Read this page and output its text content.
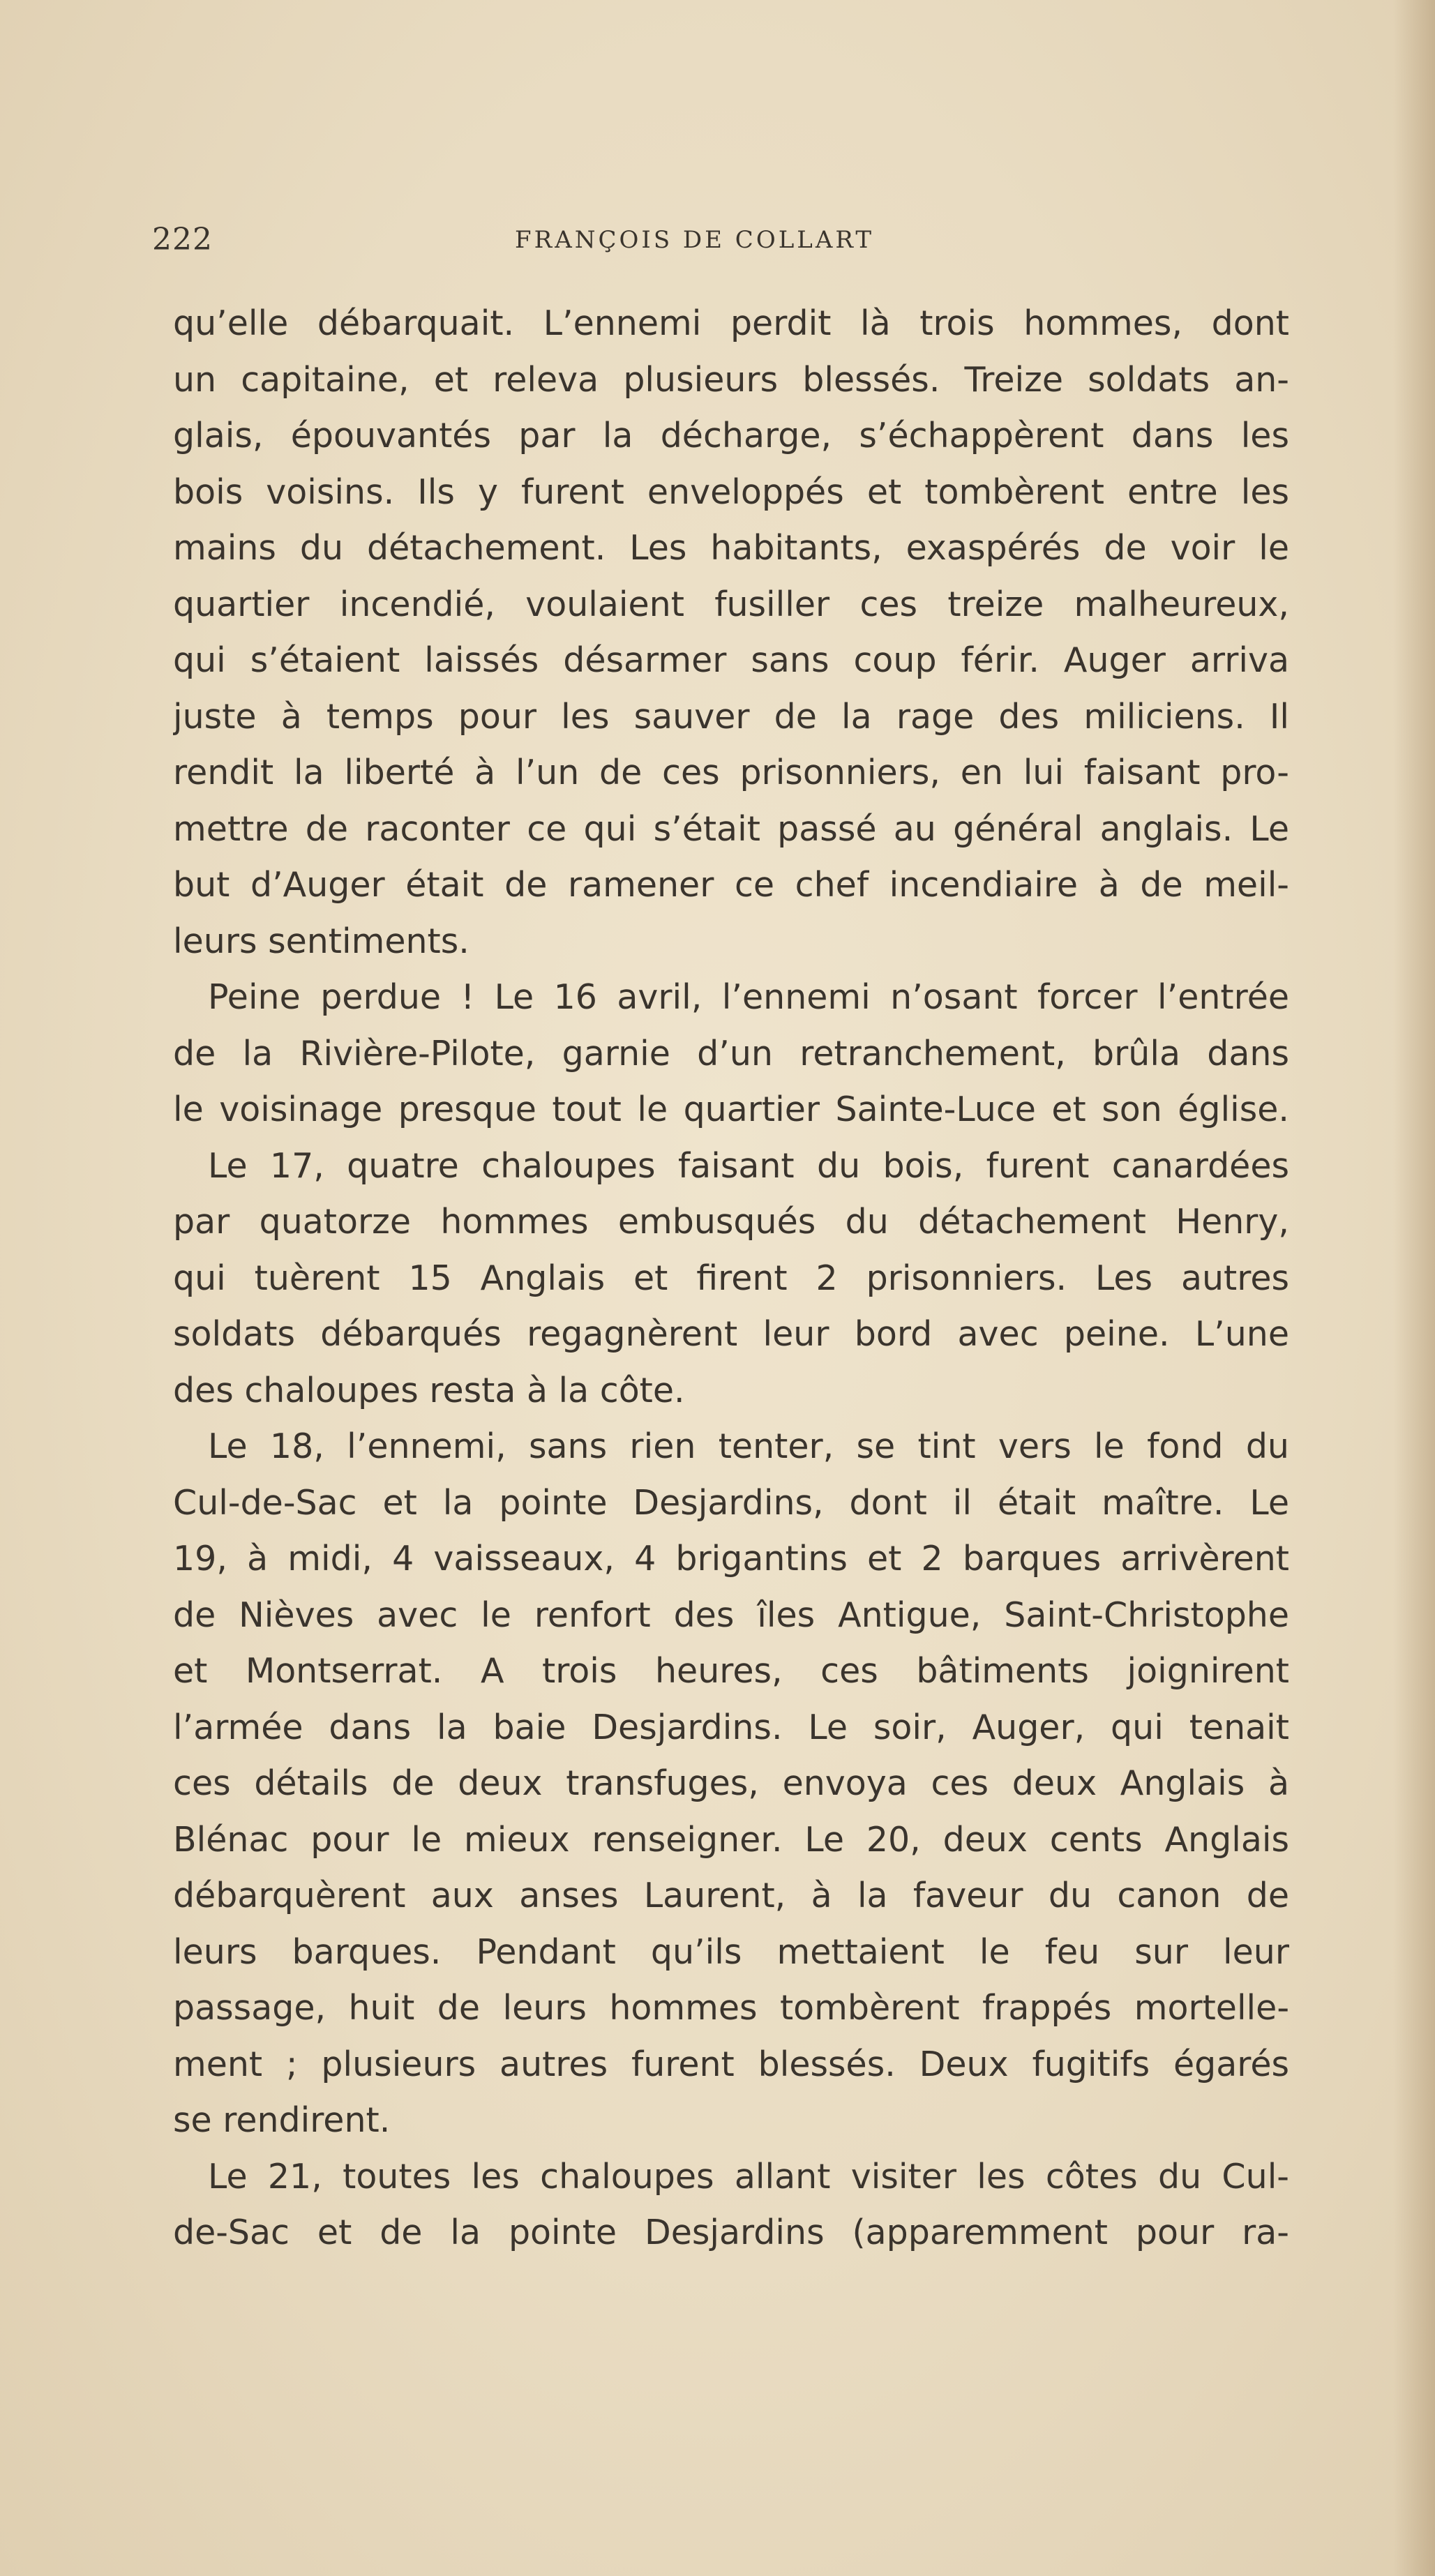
222	FRANÇOIS DE COLLART
qu’elle débarquait. L’ennemi perdit là trois hommes, dont
un capitaine, et releva plusieurs blessés. Treize soldats an-
glais, épouvantés par la décharge, s’échappèrent dans les
bois voisins. Ils y furent enveloppés et tombèrent entre les
mains du détachement. Les habitants, exaspérés de voir le
quartier incendié, voulaient fusiller ces treize malheureux,
qui s’étaient laissés désarmer sans coup férir. Auger arriva
juste à temps pour les sauver de la rage des miliciens. Il
rendit la liberté à l’un de ces prisonniers, en lui faisant pro-
mettre de raconter ce qui s’était passé au général anglais. Le
but d’Auger était de ramener ce chef incendiaire à de meil-
leurs sentiments.
Peine perdue ! Le 16 avril, l’ennemi n’osant forcer l’entrée
de la Rivière-Pilote, garnie d’un retranchement, brûla dans
le voisinage presque tout le quartier Sainte-Luce et son église.
Le 17, quatre chaloupes faisant du bois, furent canardées
par quatorze hommes embusqués du détachement Henry,
qui tuèrent 15 Anglais et firent 2 prisonniers. Les autres
soldats débarqués regagnèrent leur bord avec peine. L’une
des chaloupes resta à la côte.
Le 18, l’ennemi, sans rien tenter, se tint vers le fond du
Cul-de-Sac et la pointe Desjardins, dont il était maître. Le
19, à midi, 4 vaisseaux, 4 brigantins et 2 barques arrivèrent
de Nièves avec le renfort des îles Antigue, Saint-Christophe
et Montserrat. A trois heures, ces bâtiments joignirent
l’armée dans la baie Desjardins. Le soir, Auger, qui tenait
ces détails de deux transfuges, envoya ces deux Anglais à
Blénac pour le mieux renseigner. Le 20, deux cents Anglais
débarquèrent aux anses Laurent, à la faveur du canon de
leurs barques. Pendant qu’ils mettaient le feu sur leur
passage, huit de leurs hommes tombèrent frappés mortelle-
ment ; plusieurs autres furent blessés. Deux fugitifs égarés
se rendirent.
Le 21, toutes les chaloupes allant visiter les côtes du Cul-
de-Sac et de la pointe Desjardins (apparemment pour ra-
